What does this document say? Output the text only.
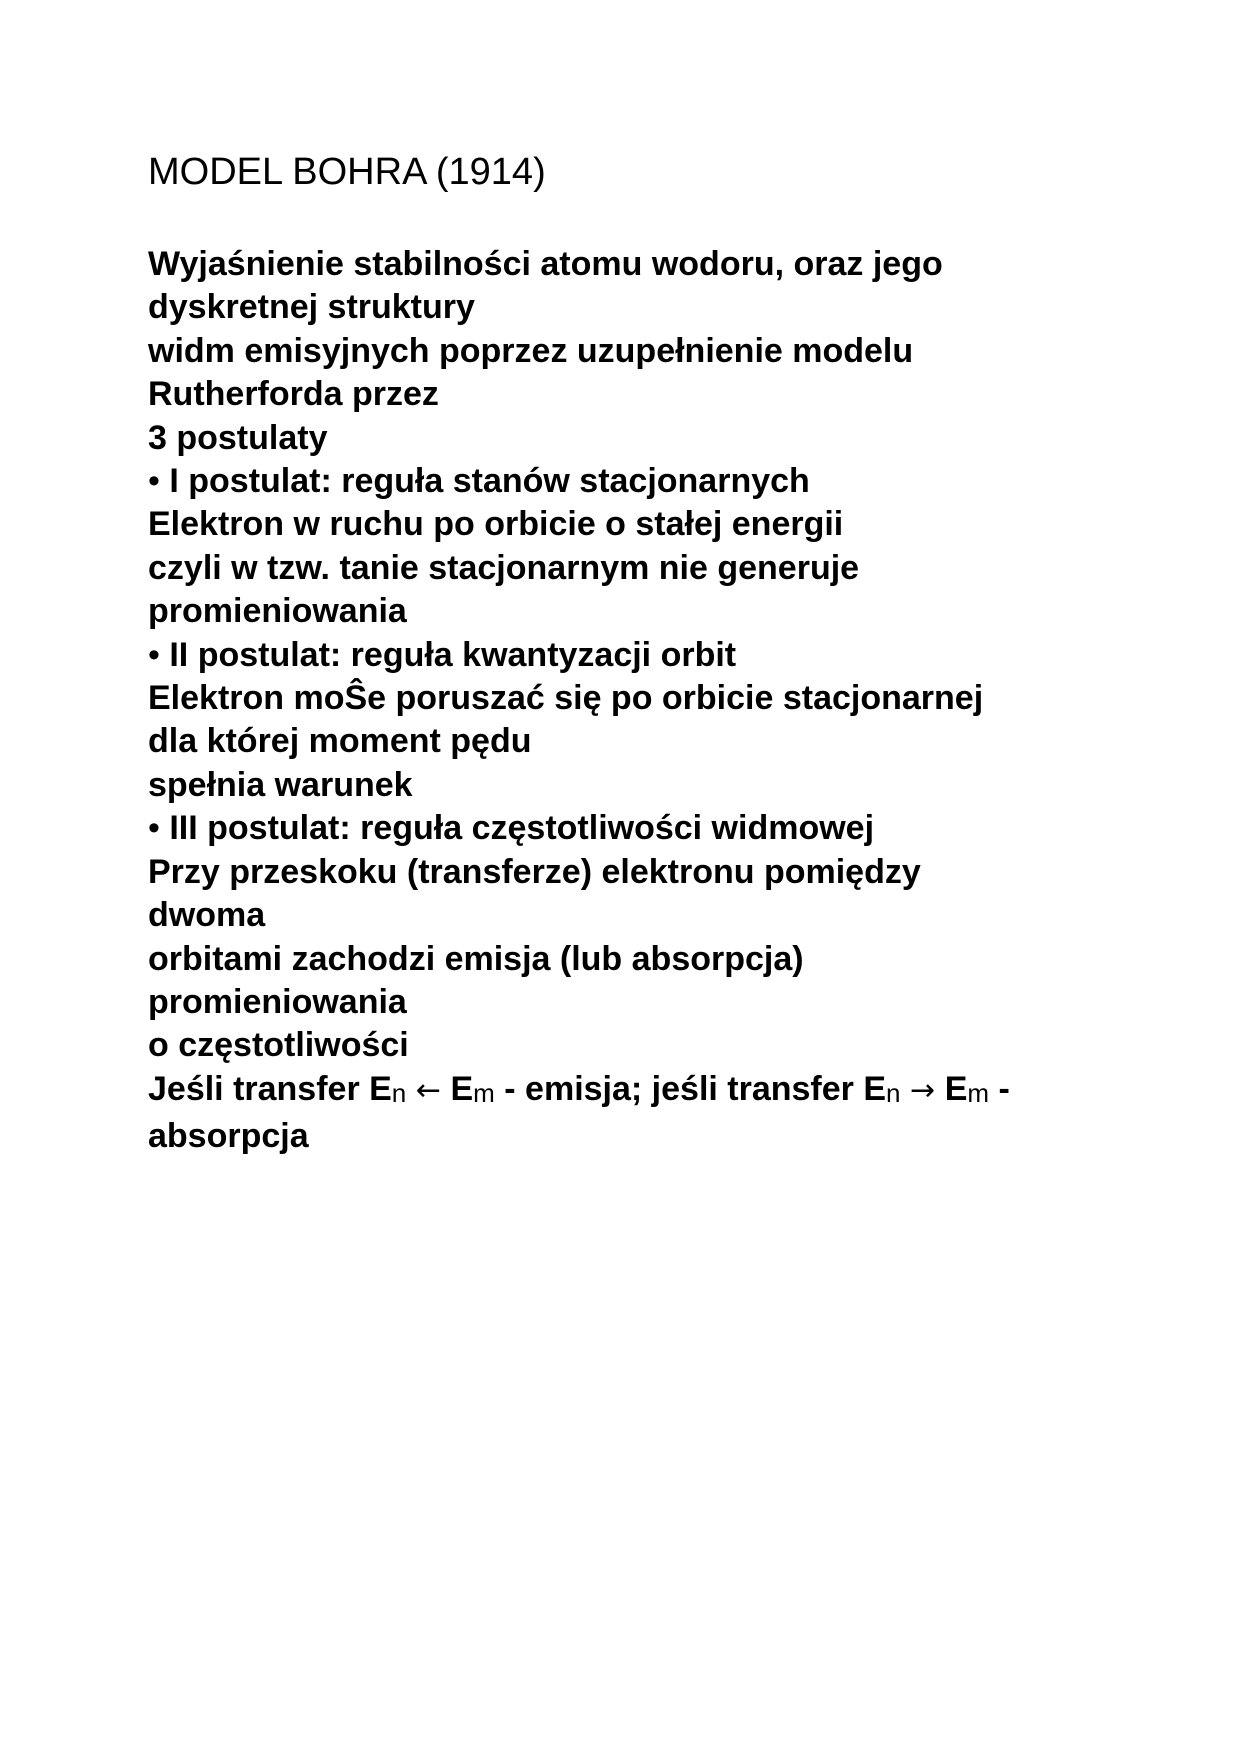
MODEL BOHRA (1914)

Wyjaśnienie stabilności atomu wodoru, oraz jego

dyskretnej struktury

widm emisyjnych poprzez uzupełnienie modelu

Rutherforda przez

3 postulaty

• I postulat: reguła stanów stacjonarnych

Elektron w ruchu po orbicie o stałej energii

czyli w tzw. tanie stacjonarnym nie generuje

promieniowania

• II postulat: reguła kwantyzacji orbit

Elektron moŜe poruszać się po orbicie stacjonarnej

dla której moment pędu

spełnia warunek

• III postulat: reguła częstotliwości widmowej

Przy przeskoku (transferze) elektronu pomiędzy

dwoma

orbitami zachodzi emisja (lub absorpcja)

promieniowania

o częstotliwości

Jeśli transfer En ← Em - emisja; jeśli transfer En → Em -

absorpcja
